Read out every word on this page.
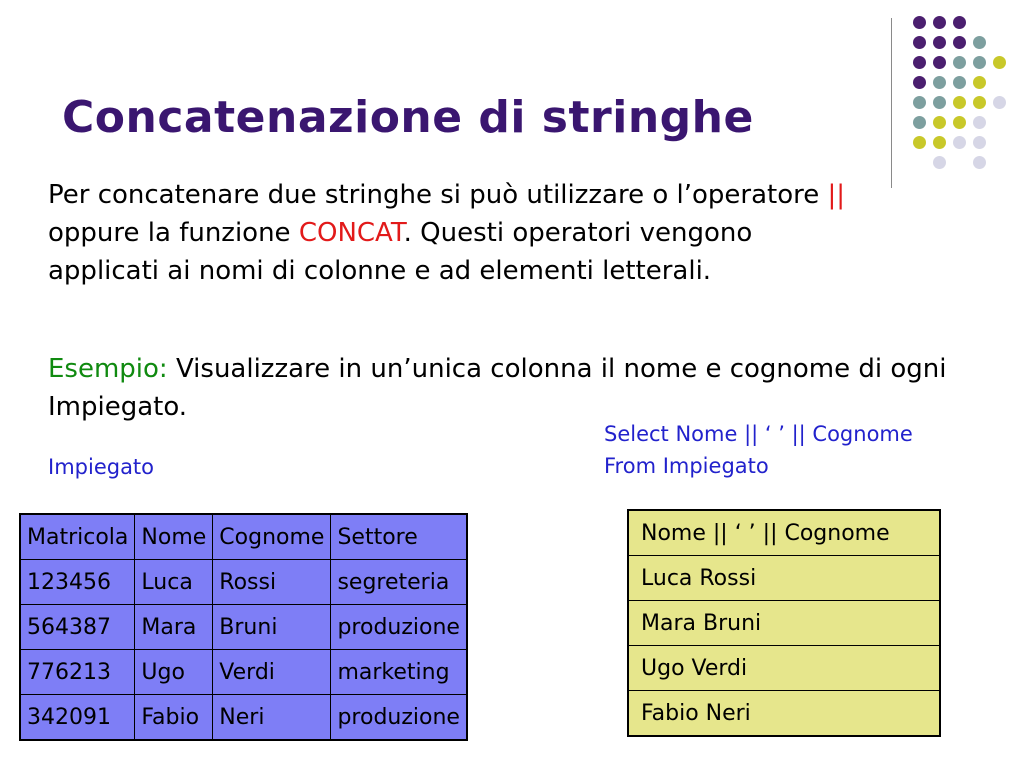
Concatenazione di stringhe
Per concatenare due stringhe si può utilizzare o l’operatore || oppure la funzione CONCAT. Questi operatori vengono applicati ai nomi di colonne e ad elementi letterali.
Esempio: Visualizzare in un’unica colonna il nome e cognome di ogni Impiegato.
Select Nome || ‘ ’ || Cognome
From Impiegato
Impiegato
Matricola	Nome	Cognome	Settore
123456	Luca	Rossi	segreteria
564387	Mara	Bruni	produzione
776213	Ugo	Verdi	marketing
342091	Fabio	Neri	produzione
Nome || ‘ ’ || Cognome
Luca Rossi
Mara Bruni
Ugo Verdi
Fabio Neri
